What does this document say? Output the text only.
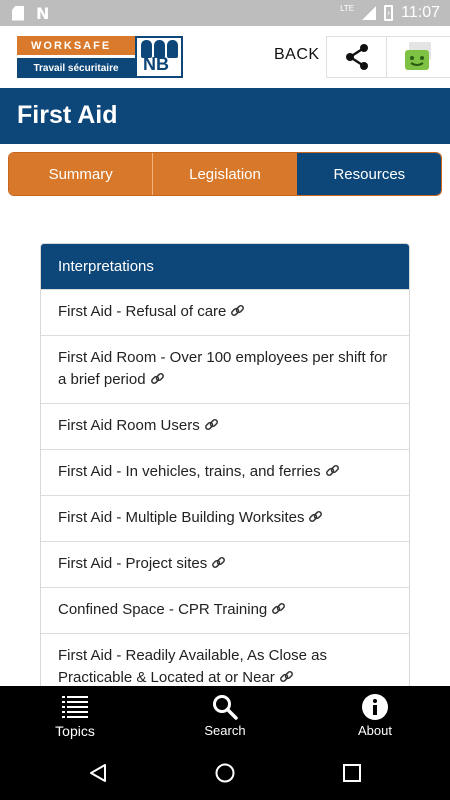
N	LTE	11:07
WORKSAFE
Travail sécuritaire	NB	BACK
First Aid
Summary	Legislation	Resources
Interpretations
First Aid - Refusal of care
First Aid Room - Over 100 employees per shift for a brief period
First Aid Room Users
First Aid - In vehicles, trains, and ferries
First Aid - Multiple Building Worksites
First Aid - Project sites
Confined Space - CPR Training
First Aid - Readily Available, As Close as Practicable & Located at or Near
Topics	Search	About
